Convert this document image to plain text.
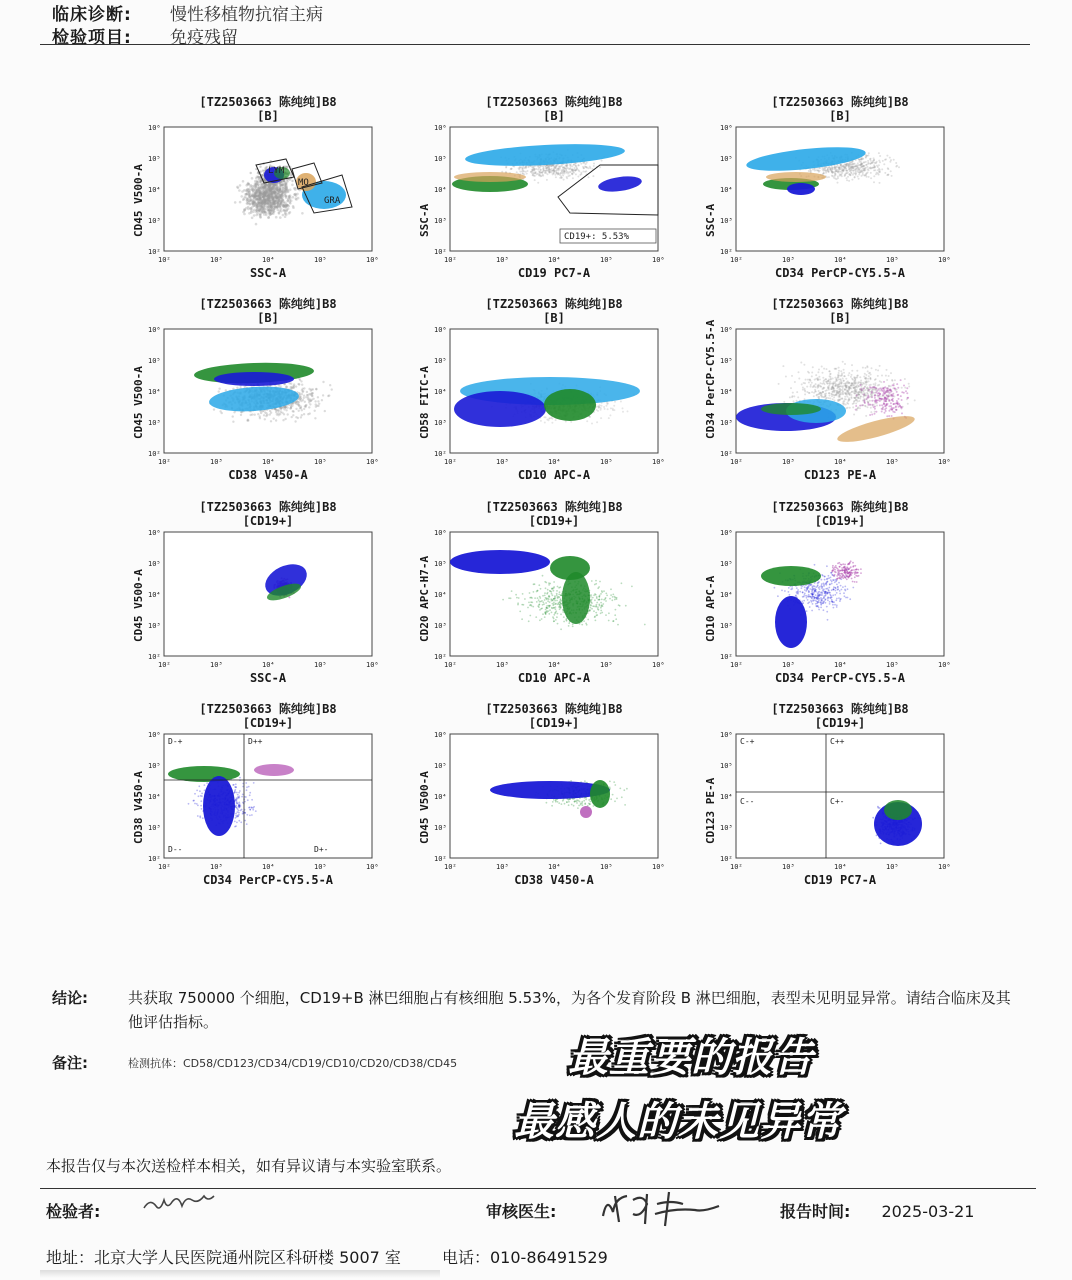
临床诊断: 慢性移植物抗宿主病
检验项目: 免疫残留
[TZ2503663 陈纯纯]B8
[B]
LYM
MO
GRA
10²
10²
10³
10³
10⁴
10⁴
10⁵
10⁵
10⁶
10⁶
SSC-A
CD45 V500-A
[TZ2503663 陈纯纯]B8
[B]
CD19+: 5.53%
10²
10²
10³
10³
10⁴
10⁴
10⁵
10⁵
10⁶
10⁶
CD19 PC7-A
SSC-A
[TZ2503663 陈纯纯]B8
[B]
10²
10²
10³
10³
10⁴
10⁴
10⁵
10⁵
10⁶
10⁶
CD34 PerCP-CY5.5-A
SSC-A
[TZ2503663 陈纯纯]B8
[B]
10²
10²
10³
10³
10⁴
10⁴
10⁵
10⁵
10⁶
10⁶
CD38 V450-A
CD45 V500-A
[TZ2503663 陈纯纯]B8
[B]
10²
10²
10³
10³
10⁴
10⁴
10⁵
10⁵
10⁶
10⁶
CD10 APC-A
CD58 FITC-A
[TZ2503663 陈纯纯]B8
[B]
10²
10²
10³
10³
10⁴
10⁴
10⁵
10⁵
10⁶
10⁶
CD123 PE-A
CD34 PerCP-CY5.5-A
[TZ2503663 陈纯纯]B8
[CD19+]
10²
10²
10³
10³
10⁴
10⁴
10⁵
10⁵
10⁶
10⁶
SSC-A
CD45 V500-A
[TZ2503663 陈纯纯]B8
[CD19+]
10²
10²
10³
10³
10⁴
10⁴
10⁵
10⁵
10⁶
10⁶
CD10 APC-A
CD20 APC-H7-A
[TZ2503663 陈纯纯]B8
[CD19+]
10²
10²
10³
10³
10⁴
10⁴
10⁵
10⁵
10⁶
10⁶
CD34 PerCP-CY5.5-A
CD10 APC-A
[TZ2503663 陈纯纯]B8
[CD19+]
D-+	D++
D--	D+-
10²
10²
10³
10³
10⁴
10⁴
10⁵
10⁵
10⁶
10⁶
CD34 PerCP-CY5.5-A
CD38 V450-A
[TZ2503663 陈纯纯]B8
[CD19+]
10²
10²
10³
10³
10⁴
10⁴
10⁵
10⁵
10⁶
10⁶
CD38 V450-A
CD45 V500-A
[TZ2503663 陈纯纯]B8
[CD19+]
C-+	C++
C--	C+-
10²
10²
10³
10³
10⁴
10⁴
10⁵
10⁵
10⁶
10⁶
CD19 PC7-A
CD123 PE-A
结论:	共获取 750000 个细胞，CD19+B 淋巴细胞占有核细胞 5.53%，为各个发育阶段 B 淋巴细胞，表型未见明显异常。请结合临床及其他评估指标。
备注:	检测抗体：CD58/CD123/CD34/CD19/CD10/CD20/CD38/CD45	最重要的报告
最感人的未见异常
本报告仅与本次送检样本相关，如有异议请与本实验室联系。
检验者:	审核医生:	报告时间: 2025-03-21
地址：北京大学人民医院通州院区科研楼 5007 室	电话：010-86491529
